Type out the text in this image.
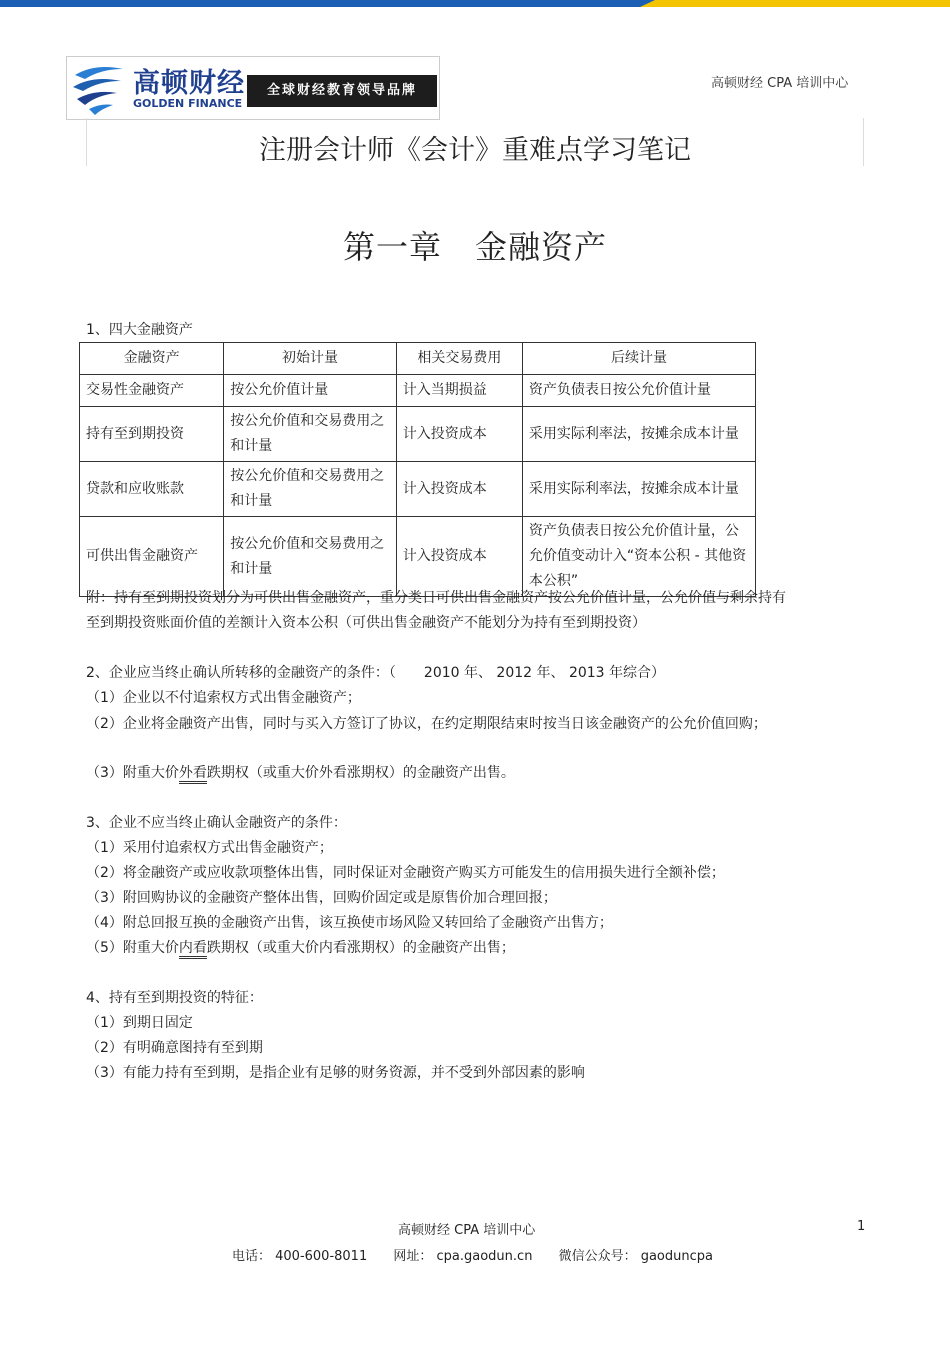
高顿财经
GOLDEN FINANCE
全球财经教育领导品牌	高顿财经 CPA 培训中心
注册会计师《会计》重难点学习笔记
第一章　金融资产
1、四大金融资产
金融资产	初始计量	相关交易费用	后续计量
交易性金融资产	按公允价值计量	计入当期损益	资产负债表日按公允价值计量
持有至到期投资	按公允价值和交易费用之和计量	计入投资成本	采用实际利率法，按摊余成本计量
贷款和应收账款	按公允价值和交易费用之和计量	计入投资成本	采用实际利率法，按摊余成本计量
可供出售金融资产	按公允价值和交易费用之和计量	计入投资成本	资产负债表日按公允价值计量，公允价值变动计入“资本公积 - 其他资本公积”
附：持有至到期投资划分为可供出售金融资产，重分类日可供出售金融资产按公允价值计量，公允价值与剩余持有至到期投资账面价值的差额计入资本公积（可供出售金融资产不能划分为持有至到期投资）
2、企业应当终止确认所转移的金融资产的条件：（　　2010 年、 2012 年、 2013 年综合）
（1）企业以不付追索权方式出售金融资产；
（2）企业将金融资产出售，同时与买入方签订了协议，在约定期限结束时按当日该金融资产的公允价值回购；
（3）附重大价外看跌期权（或重大价外看涨期权）的金融资产出售。
3、企业不应当终止确认金融资产的条件：
（1）采用付追索权方式出售金融资产；
（2）将金融资产或应收款项整体出售，同时保证对金融资产购买方可能发生的信用损失进行全额补偿；
（3）附回购协议的金融资产整体出售，回购价固定或是原售价加合理回报；
（4）附总回报互换的金融资产出售，该互换使市场风险又转回给了金融资产出售方；
（5）附重大价内看跌期权（或重大价内看涨期权）的金融资产出售；
4、持有至到期投资的特征：
（1）到期日固定
（2）有明确意图持有至到期
（3）有能力持有至到期，是指企业有足够的财务资源，并不受到外部因素的影响
高顿财经 CPA 培训中心	1
电话： 400-600-8011 网址： cpa.gaodun.cn 微信公众号： gaoduncpa
